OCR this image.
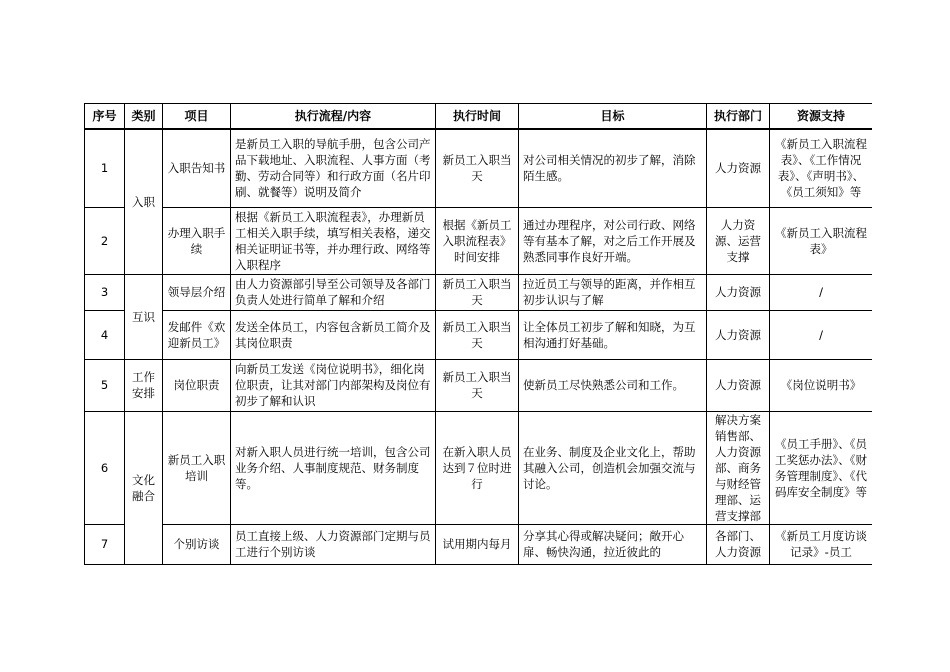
序号	类别	项目	执行流程/内容	执行时间	目标	执行部门	资源支持
1	入职	入职告知书	是新员工入职的导航手册，包含公司产品下载地址、入职流程、人事方面（考勤、劳动合同等）和行政方面（名片印刷、就餐等）说明及简介	新员工入职当天	对公司相关情况的初步了解，消除陌生感。	人力资源	《新员工入职流程表》、《工作情况表》、《声明书》、《员工须知》等
2		办理入职手续	根据《新员工入职流程表》，办理新员工相关入职手续，填写相关表格，递交相关证明证书等，并办理行政、网络等入职程序	根据《新员工入职流程表》时间安排	通过办理程序，对公司行政、网络等有基本了解，对之后工作开展及熟悉同事作良好开端。	人力资源、运营支撑	《新员工入职流程表》
3	互识	领导层介绍	由人力资源部引导至公司领导及各部门负责人处进行简单了解和介绍	新员工入职当天	拉近员工与领导的距离，并作相互初步认识与了解	人力资源	/
4		发邮件《欢迎新员工》	发送全体员工，内容包含新员工简介及其岗位职责	新员工入职当天	让全体员工初步了解和知晓，为互相沟通打好基础。	人力资源	/
5	工作安排	岗位职责	向新员工发送《岗位说明书》，细化岗位职责，让其对部门内部架构及岗位有初步了解和认识	新员工入职当天	使新员工尽快熟悉公司和工作。	人力资源	《岗位说明书》
6	文化融合	新员工入职培训	对新入职人员进行统一培训，包含公司业务介绍、人事制度规范、财务制度等。	在新入职人员达到７位时进行	在业务、制度及企业文化上，帮助其融入公司，创造机会加强交流与讨论。	解决方案销售部、人力资源部、商务与财经管理部、运营支撑部	《员工手册》、《员工奖惩办法》、《财务管理制度》、《代码库安全制度》等
7		个别访谈	员工直接上级、人力资源部门定期与员工进行个别访谈	试用期内每月	分享其心得或解决疑问；敞开心扉、畅快沟通，拉近彼此的	各部门、人力资源	《新员工月度访谈记录》-员工
